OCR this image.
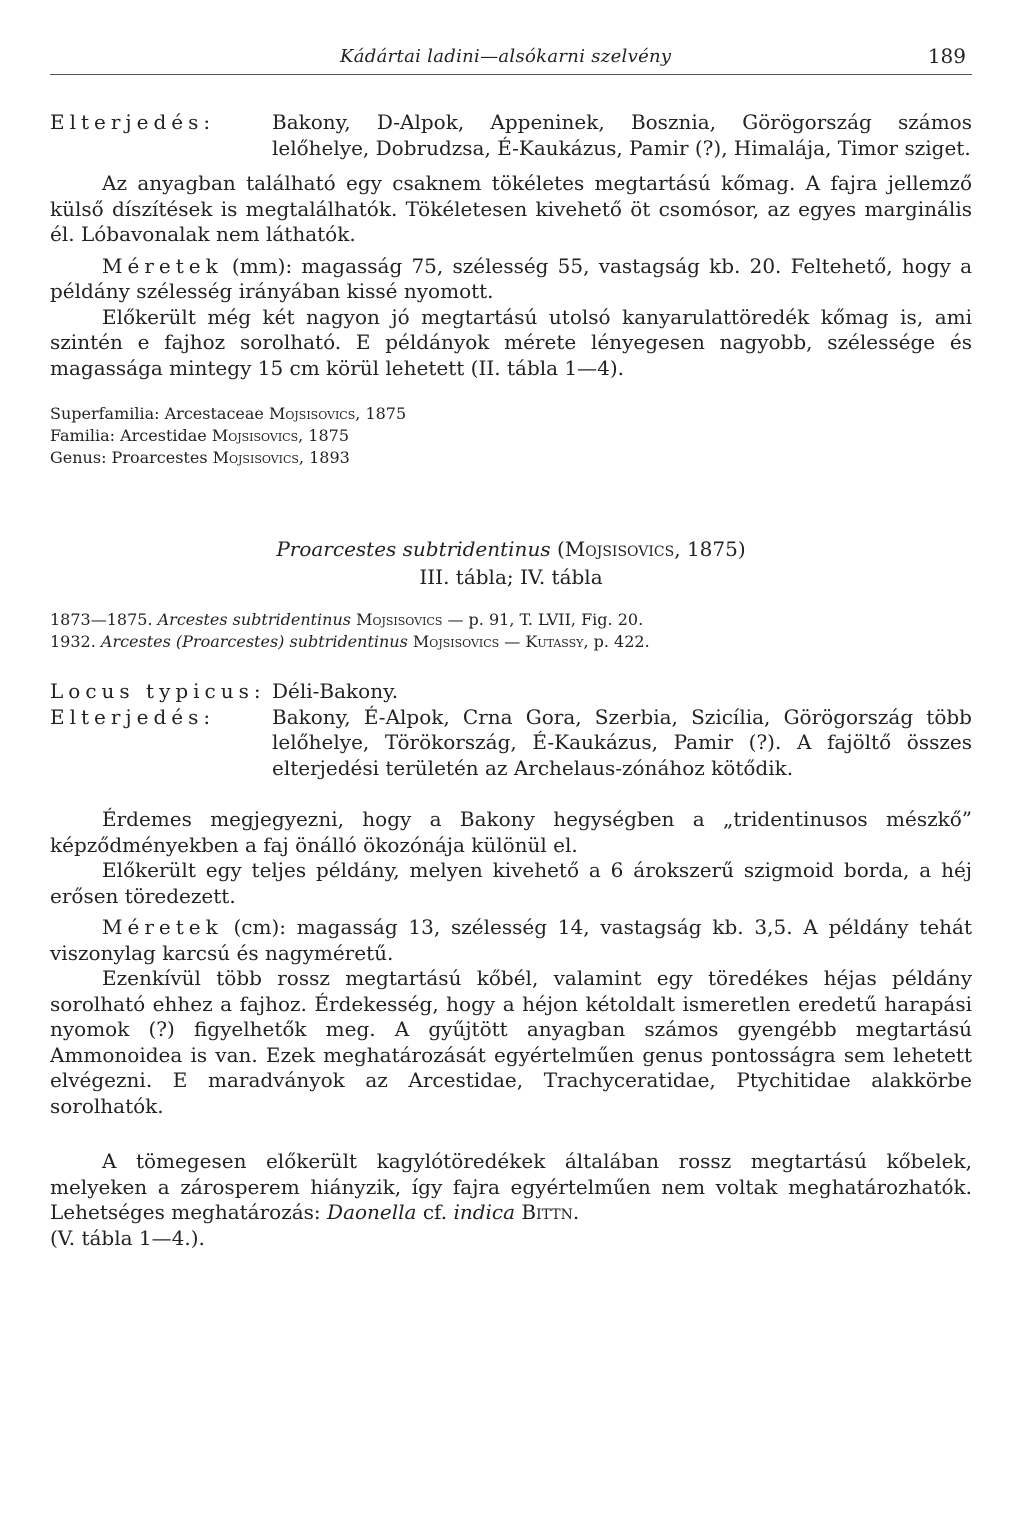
Kádártai ladini—alsókarni szelvény	189
Elterjedés:	Bakony, D-Alpok, Appeninek, Bosznia, Görögország számos lelőhelye, Dobrudzsa, É-Kaukázus, Pamir (?), Himalája, Timor sziget.

Az anyagban található egy csaknem tökéletes megtartású kőmag. A fajra jellemző külső díszítések is megtalálhatók. Tökéletesen kivehető öt csomósor, az egyes marginális él. Lóbavonalak nem láthatók.

Méretek (mm): magasság 75, szélesség 55, vastagság kb. 20. Feltehető, hogy a példány szélesség irányában kissé nyomott.

Előkerült még két nagyon jó megtartású utolsó kanyarulattöredék kőmag is, ami szintén e fajhoz sorolható. E példányok mérete lényegesen nagyobb, szélessége és magassága mintegy 15 cm körül lehetett (II. tábla 1—4).

Superfamilia: Arcestaceae Mojsisovics, 1875
Familia: Arcestidae Mojsisovics, 1875
Genus: Proarcestes Mojsisovics, 1893
Proarcestes subtridentinus (Mojsisovics, 1875)
III. tábla; IV. tábla
1873—1875. Arcestes subtridentinus Mojsisovics — p. 91, T. LVII, Fig. 20.
1932. Arcestes (Proarcestes) subtridentinus Mojsisovics — Kutassy, p. 422.
Locus typicus: Déli-Bakony.
Elterjedés:	Bakony, É-Alpok, Crna Gora, Szerbia, Szicília, Görögország több lelőhelye, Törökország, É-Kaukázus, Pamir (?). A fajöltő összes elterjedési területén az Archelaus-zónához kötődik.

Érdemes megjegyezni, hogy a Bakony hegységben a „tridentinusos mészkő” képződményekben a faj önálló ökozónája különül el.

Előkerült egy teljes példány, melyen kivehető a 6 árokszerű szigmoid borda, a héj erősen töredezett.

Méretek (cm): magasság 13, szélesség 14, vastagság kb. 3,5. A példány tehát viszonylag karcsú és nagyméretű.

Ezenkívül több rossz megtartású kőbél, valamint egy töredékes héjas példány sorolható ehhez a fajhoz. Érdekesség, hogy a héjon kétoldalt ismeretlen eredetű harapási nyomok (?) figyelhetők meg. A gyűjtött anyagban számos gyengébb megtartású Ammonoidea is van. Ezek meghatározását egyértelműen genus pontosságra sem lehetett elvégezni. E maradványok az Arcestidae, Trachyceratidae, Ptychitidae alakkörbe sorolhatók.

A tömegesen előkerült kagylótöredékek általában rossz megtartású kőbelek, melyeken a zárosperem hiányzik, így fajra egyértelműen nem voltak meghatározhatók. Lehetséges meghatározás: Daonella cf. indica Bittn.
(V. tábla 1—4.).
